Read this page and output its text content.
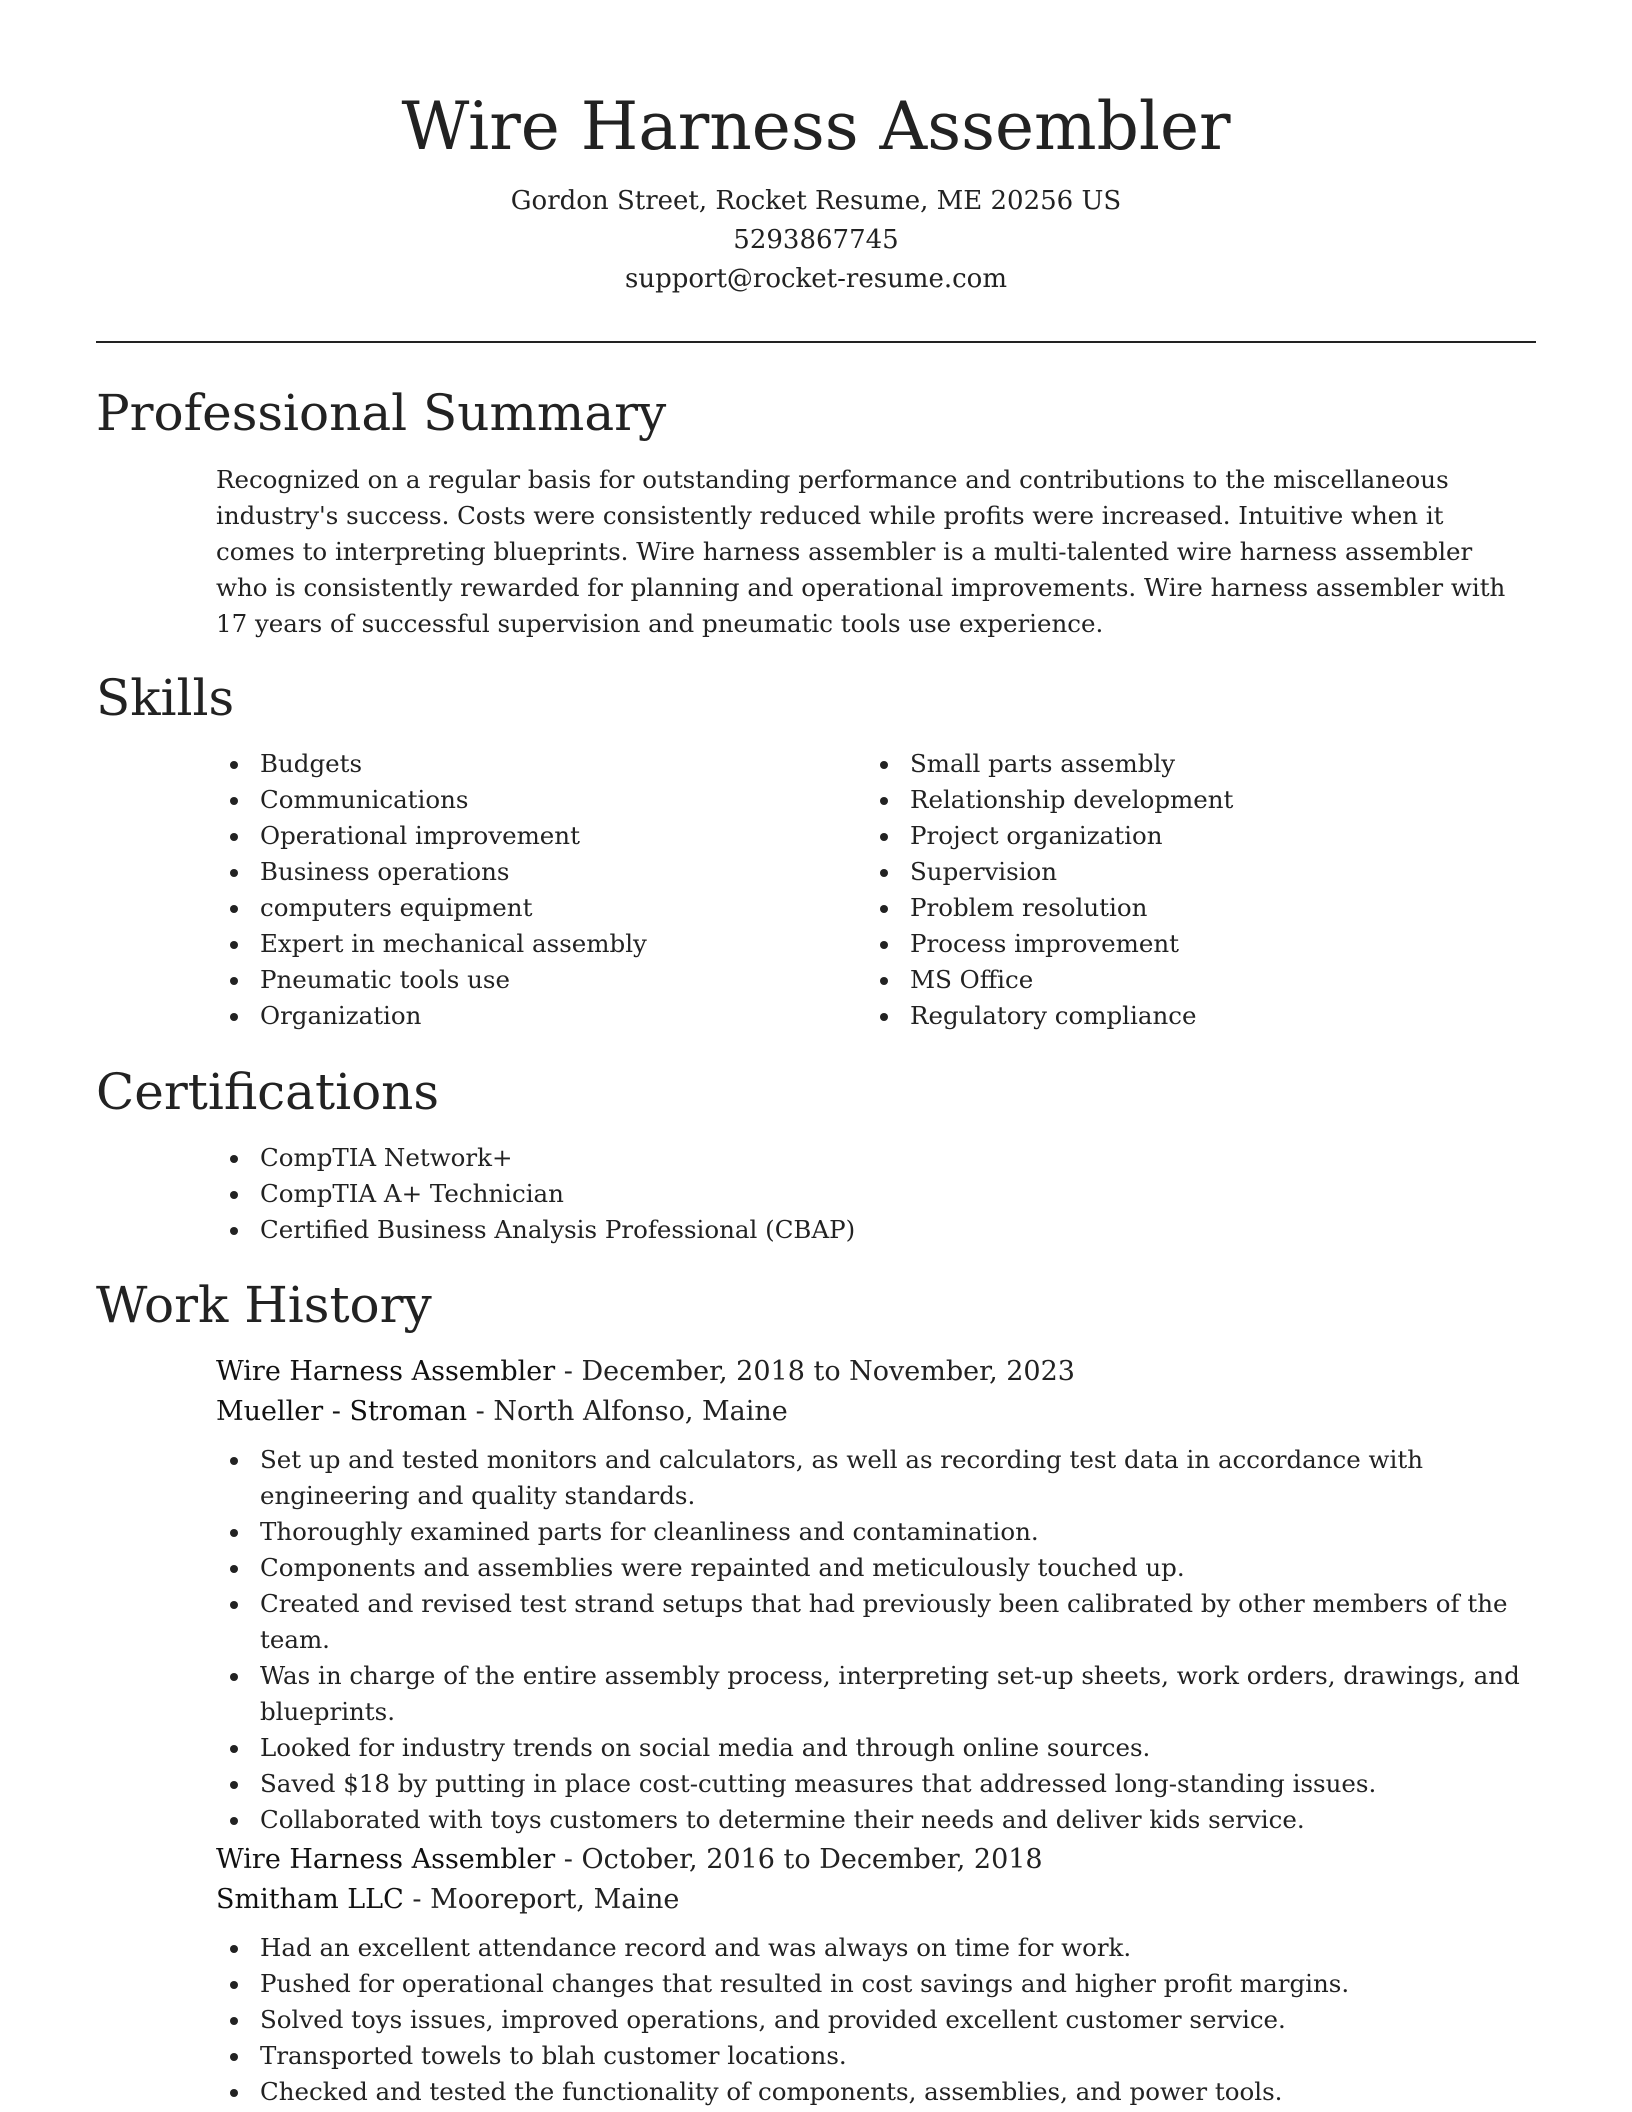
Wire Harness Assembler

Gordon Street, Rocket Resume, ME 20256 US

5293867745

support@rocket-resume.com

Professional Summary

Recognized on a regular basis for outstanding performance and contributions to the miscellaneous industry's success. Costs were consistently reduced while profits were increased. Intuitive when it comes to interpreting blueprints. Wire harness assembler is a multi-talented wire harness assembler who is consistently rewarded for planning and operational improvements. Wire harness assembler with 17 years of successful supervision and pneumatic tools use experience.

Skills
Budgets
Communications
Operational improvement
Business operations
computers equipment
Expert in mechanical assembly
Pneumatic tools use
Organization
Small parts assembly
Relationship development
Project organization
Supervision
Problem resolution
Process improvement
MS Office
Regulatory compliance
Certifications
CompTIA Network+
CompTIA A+ Technician
Certified Business Analysis Professional (CBAP)
Work History

Wire Harness Assembler - December, 2018 to November, 2023

Mueller - Stroman - North Alfonso, Maine

Set up and tested monitors and calculators, as well as recording test data in accordance with engineering and quality standards.
Thoroughly examined parts for cleanliness and contamination.
Components and assemblies were repainted and meticulously touched up.
Created and revised test strand setups that had previously been calibrated by other members of the team.
Was in charge of the entire assembly process, interpreting set-up sheets, work orders, drawings, and blueprints.
Looked for industry trends on social media and through online sources.
Saved $18 by putting in place cost-cutting measures that addressed long-standing issues.
Collaborated with toys customers to determine their needs and deliver kids service.

Wire Harness Assembler - October, 2016 to December, 2018

Smitham LLC - Mooreport, Maine

Had an excellent attendance record and was always on time for work.
Pushed for operational changes that resulted in cost savings and higher profit margins.
Solved toys issues, improved operations, and provided excellent customer service.
Transported towels to blah customer locations.
Checked and tested the functionality of components, assemblies, and power tools.
